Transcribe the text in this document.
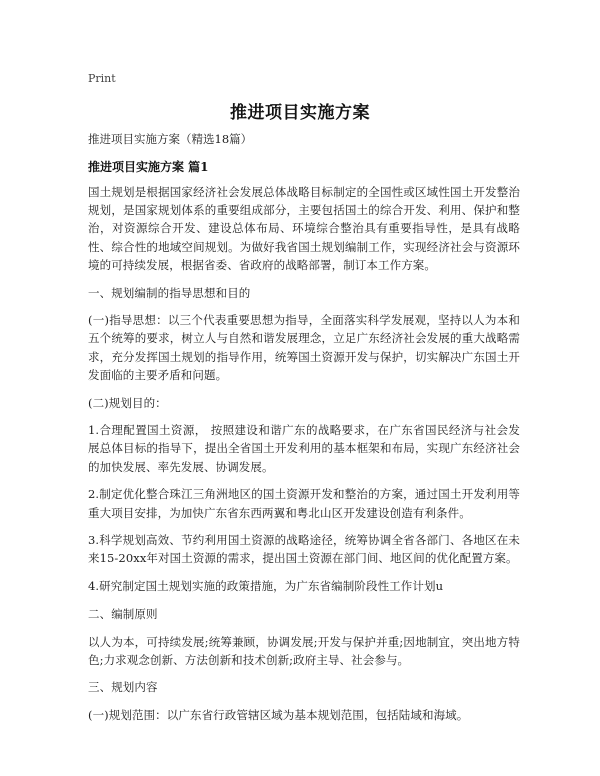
Print
推进项目实施方案

推进项目实施方案（精选18篇）

推进项目实施方案 篇1

国土规划是根据国家经济社会发展总体战略目标制定的全国性或区域性国土开发整治规划，是国家规划体系的重要组成部分，主要包括国土的综合开发、利用、保护和整治，对资源综合开发、建设总体布局、环境综合整治具有重要指导性，是具有战略性、综合性的地域空间规划。为做好我省国土规划编制工作，实现经济社会与资源环境的可持续发展，根据省委、省政府的战略部署，制订本工作方案。

一、规划编制的指导思想和目的

(一)指导思想：以三个代表重要思想为指导，全面落实科学发展观，坚持以人为本和五个统筹的要求，树立人与自然和谐发展理念，立足广东经济社会发展的重大战略需求，充分发挥国土规划的指导作用，统筹国土资源开发与保护，切实解决广东国土开发面临的主要矛盾和问题。

(二)规划目的：

1.合理配置国土资源， 按照建设和谐广东的战略要求，在广东省国民经济与社会发展总体目标的指导下，提出全省国土开发利用的基本框架和布局，实现广东经济社会的加快发展、率先发展、协调发展。

2.制定优化整合珠江三角洲地区的国土资源开发和整治的方案，通过国土开发利用等重大项目安排，为加快广东省东西两翼和粤北山区开发建设创造有利条件。

3.科学规划高效、节约利用国土资源的战略途径，统筹协调全省各部门、各地区在未来15-20xx年对国土资源的需求，提出国土资源在部门间、地区间的优化配置方案。

4.研究制定国土规划实施的政策措施，为广东省编制阶段性工作计划u

二、编制原则

以人为本，可持续发展;统筹兼顾，协调发展;开发与保护并重;因地制宜，突出地方特色;力求观念创新、方法创新和技术创新;政府主导、社会参与。

三、规划内容

(一)规划范围：以广东省行政管辖区域为基本规划范围，包括陆域和海域。
